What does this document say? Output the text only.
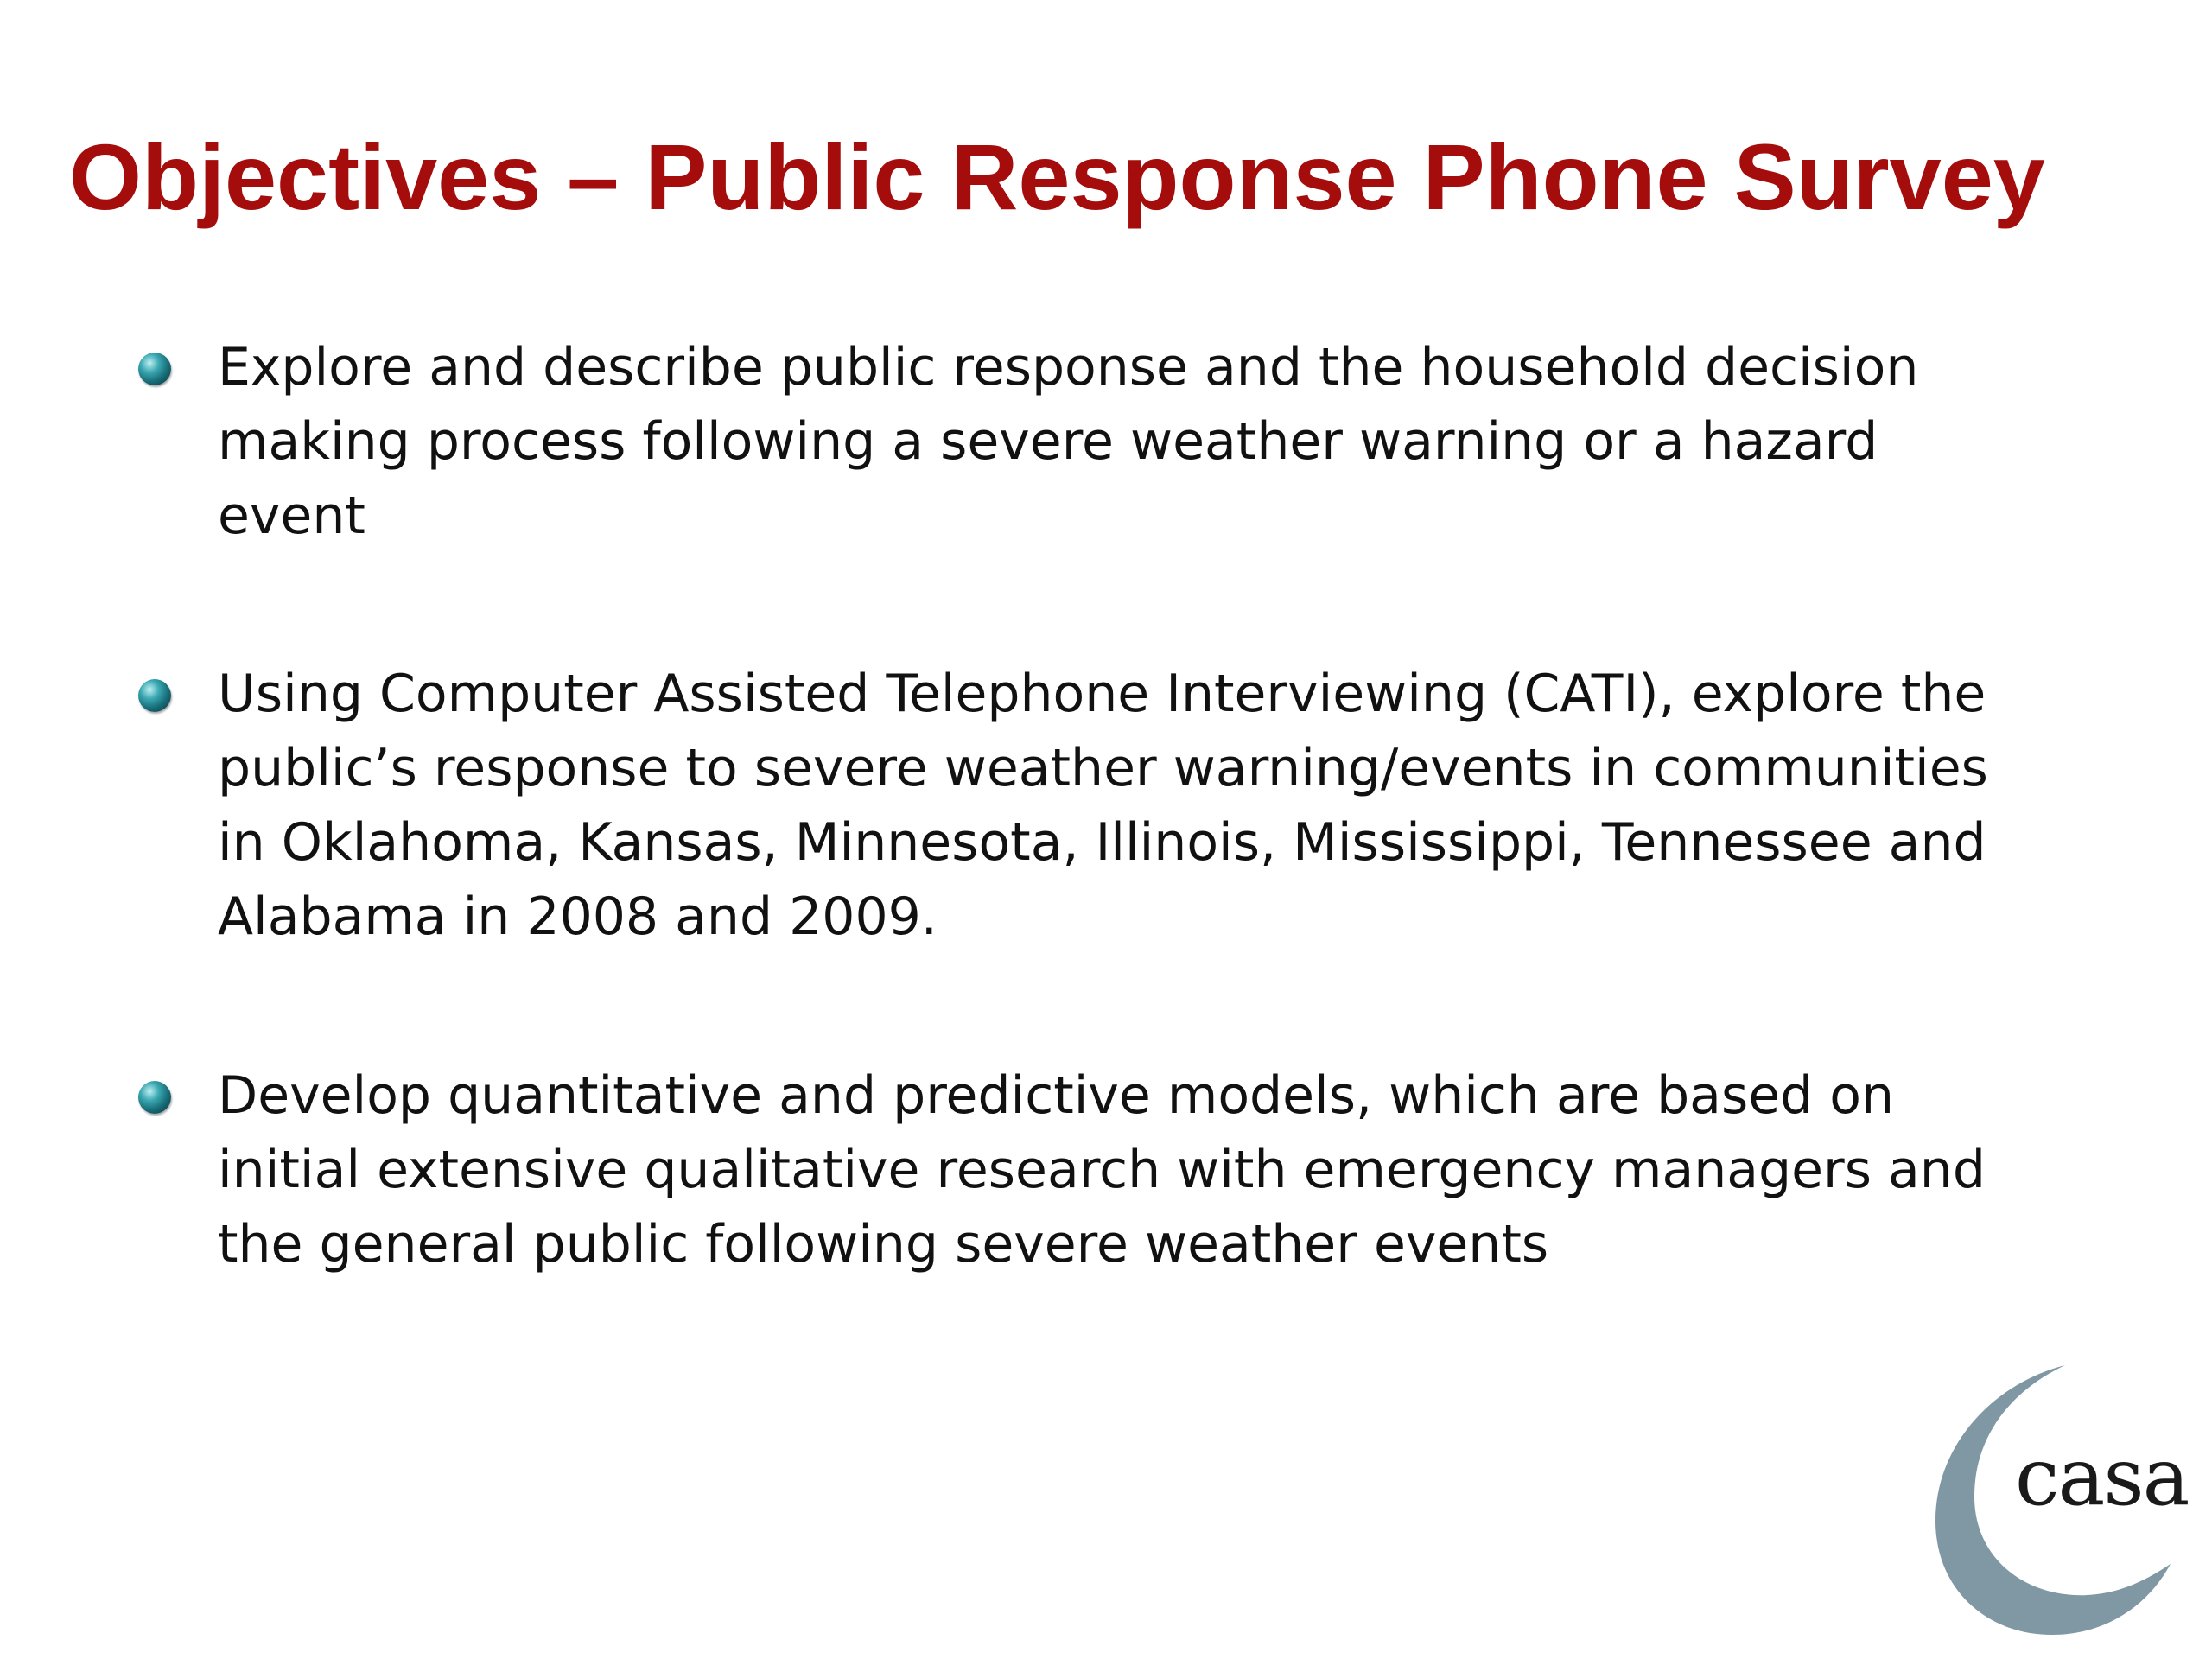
Objectives – Public Response Phone Survey
Explore and describe public response and the household decision making process following a severe weather warning or a hazard event
Using Computer Assisted Telephone Interviewing (CATI), explore the public’s response to severe weather warning/events in communities in Oklahoma, Kansas, Minnesota, Illinois, Mississippi, Tennessee and Alabama in 2008 and 2009.
Develop quantitative and predictive models, which are based on initial extensive qualitative research with emergency managers and the general public following severe weather events
casa
